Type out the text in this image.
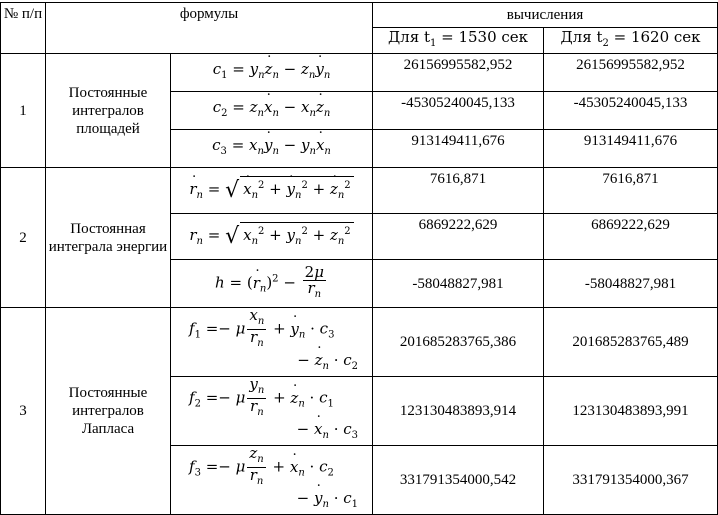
№ п/п	формулы		вычисления	
			Для $t_1 = 1530$ сек	Для $t_2 = 1620$ сек
1	Постоянные интегралов площадей	$c_1 = y_nz$ $˙_n - z_ny$ $˙_n$	26156995582,952	26156995582,952
		$c_2 = z_nx$ $˙_n - x_nz$ $˙_n$	-45305240045,133	-45305240045,133
		$c_3 = x_ny$ $˙_n - y_nx$ $˙_n$	913149411,676	913149411,676
2	Постоянная интеграла энергии	r $˙_n$ = √ x $˙_n^2 + y$ $˙_n^2 + z$ $˙_n^2$	7616,871	7616,871
		$r_n$ = √ $x_n^2 + y_n^2 + z_n^2$	6869222,629	6869222,629
		h = (r $˙_n)^2 - \frac{2\mu}{r_n}$	-58048827,981	-58048827,981
3	Постоянные интегралов Лапласа	$f_1 =- \mu \frac{x_n}{r_n} + y$ $˙_n \cdot c_3$
− z $˙_n \cdot c_2$	201685283765,386	201685283765,489
		$f_2 =- \mu \frac{y_n}{r_n} + z$ $˙_n \cdot c_1$
− x $˙_n \cdot c_3$	123130483893,914	123130483893,991
		$f_3 =- \mu \frac{z_n}{r_n} + x$ $˙_n \cdot c_2$
− y $˙_n \cdot c_1$	331791354000,542	331791354000,367
